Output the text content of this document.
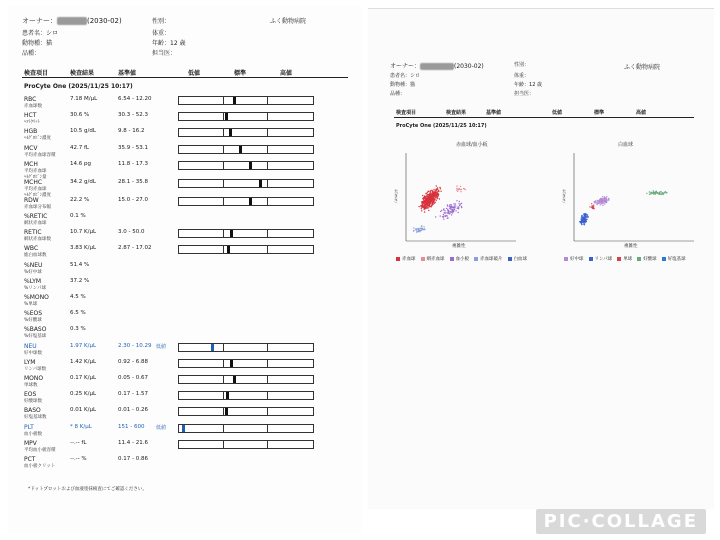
オーナー：	(2030-02)
患者名：シロ
動物種：猫
品種：
性別：
体重：
年齢：12 歳
担当医：
ふく動物病院
検査項目	検査結果	基準値	低値	標準	高値
ProCyte One (2025/11/25 10:17)
RBC
赤血球数
7.18 M/µL	6.54 - 12.20
HCT
ﾍﾏﾄｸﾘｯﾄ
30.6 %	30.3 - 52.3
HGB
ﾍﾓｸﾞﾛﾋﾞﾝ濃度
10.5 g/dL	9.8 - 16.2
MCV
平均赤血球容積
42.7 fL	35.9 - 53.1
MCH
平均赤血球
ﾍﾓｸﾞﾛﾋﾞﾝ量
14.6 pg	11.8 - 17.3
MCHC
平均赤血球
ﾍﾓｸﾞﾛﾋﾞﾝ濃度
34.2 g/dL	28.1 - 35.8
RDW
赤血球分布幅
22.2 %	15.0 - 27.0
%RETIC
網状赤血球
0.1 %
RETIC
網状赤血球数
10.7 K/µL	3.0 - 50.0
WBC
総白血球数
3.83 K/µL	2.87 - 17.02
%NEU
%好中球
51.4 %
%LYM
%リンパ球
37.2 %
%MONO
%単球
4.5 %
%EOS
%好酸球
6.5 %
%BASO
%好塩基球
0.3 %
NEU
好中球数
1.97 K/µL	2.30 - 10.29 低値
LYM
リンパ球数
1.42 K/µL	0.92 - 6.88
MONO
単球数
0.17 K/µL	0.05 - 0.67
EOS
好酸球数
0.25 K/µL	0.17 - 1.57
BASO
好塩基球数
0.01 K/µL	0.01 - 0.26
PLT
血小板数
* 8 K/µL	151 - 600 低値
MPV
平均血小板容積
--.-- fL	11.4 - 21.6
PCT
血小板クリット
--.-- %	0.17 - 0.86
*ドットプロットおよび血液塗抹検査にてご確認ください。
オーナー：	(2030-02)
患者名：シロ
動物種：猫
品種：
性別：
体重：
年齢：12 歳
担当医：
ふく動物病院
検査項目	検査結果	基準値	低値	標準	高値
ProCyte One (2025/11/25 10:17)
赤血球/血小板
大きさ
複雑性
赤血球 網赤血球 血小板 赤血球破片 白血球
白血球
大きさ
複雑性
好中球 リンパ球 単球 好酸球 好塩基球
PIC·COLLAGE
